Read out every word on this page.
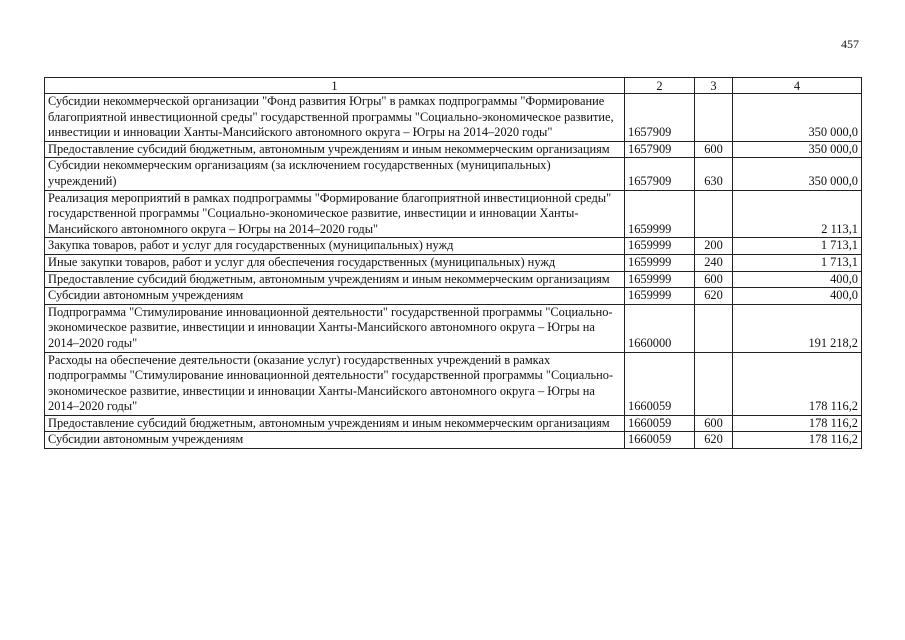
457
1	2	3	4
Субсидии некоммерческой организации "Фонд развития Югры" в рамках подпрограммы "Формирование благоприятной инвестиционной среды" государственной программы "Социально-экономическое развитие, инвестиции и инновации Ханты-Мансийского автономного округа – Югры на 2014–2020 годы"	1657909		350 000,0
Предоставление субсидий бюджетным, автономным учреждениям и иным некоммерческим организациям	1657909	600	350 000,0
Субсидии некоммерческим организациям (за исключением государственных (муниципальных) учреждений)	1657909	630	350 000,0
Реализация мероприятий в рамках подпрограммы "Формирование благоприятной инвестиционной среды" государственной программы "Социально-экономическое развитие, инвестиции и инновации Ханты-Мансийского автономного округа – Югры на 2014–2020 годы"	1659999		2 113,1
Закупка товаров, работ и услуг для государственных (муниципальных) нужд	1659999	200	1 713,1
Иные закупки товаров, работ и услуг для обеспечения государственных (муниципальных) нужд	1659999	240	1 713,1
Предоставление субсидий бюджетным, автономным учреждениям и иным некоммерческим организациям	1659999	600	400,0
Субсидии автономным учреждениям	1659999	620	400,0
Подпрограмма "Стимулирование инновационной деятельности" государственной программы "Социально-экономическое развитие, инвестиции и инновации Ханты-Мансийского автономного округа – Югры на 2014–2020 годы"	1660000		191 218,2
Расходы на обеспечение деятельности (оказание услуг) государственных учреждений в рамках подпрограммы "Стимулирование инновационной деятельности" государственной программы "Социально-экономическое развитие, инвестиции и инновации Ханты-Мансийского автономного округа – Югры на 2014–2020 годы"	1660059		178 116,2
Предоставление субсидий бюджетным, автономным учреждениям и иным некоммерческим организациям	1660059	600	178 116,2
Субсидии автономным учреждениям	1660059	620	178 116,2
